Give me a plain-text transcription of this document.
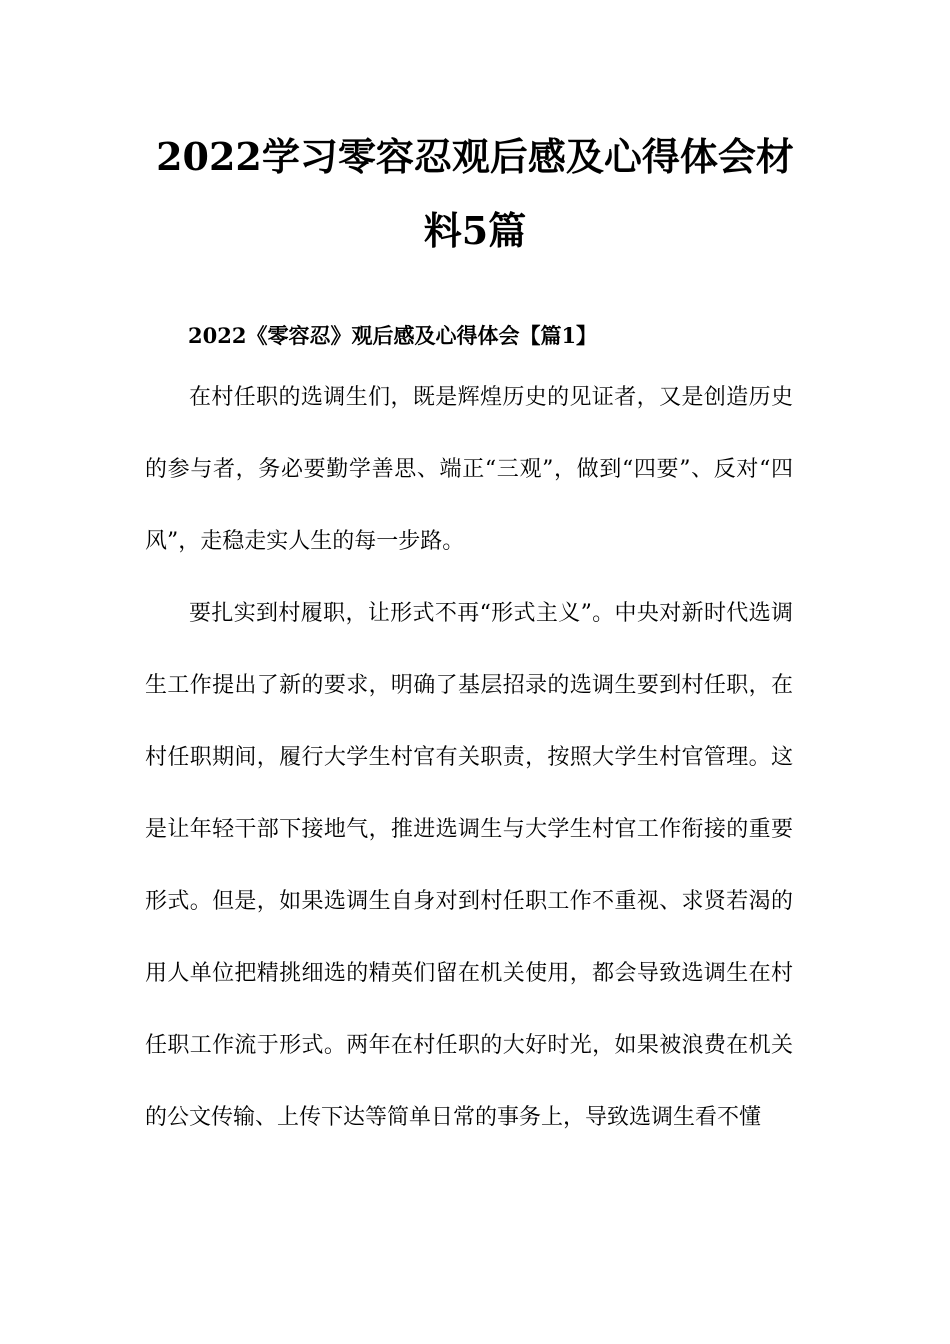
2022学习零容忍观后感及心得体会材料5篇
2022《零容忍》观后感及心得体会【篇1】

在村任职的选调生们，既是辉煌历史的见证者，又是创造历史的参与者，务必要勤学善思、端正“三观”，做到“四要”、反对“四风”，走稳走实人生的每一步路。

要扎实到村履职，让形式不再“形式主义”。中央对新时代选调生工作提出了新的要求，明确了基层招录的选调生要到村任职，在村任职期间，履行大学生村官有关职责，按照大学生村官管理。这是让年轻干部下接地气，推进选调生与大学生村官工作衔接的重要形式。但是，如果选调生自身对到村任职工作不重视、求贤若渴的用人单位把精挑细选的精英们留在机关使用，都会导致选调生在村任职工作流于形式。两年在村任职的大好时光，如果被浪费在机关的公文传输、上传下达等简单日常的事务上，导致选调生看不懂
